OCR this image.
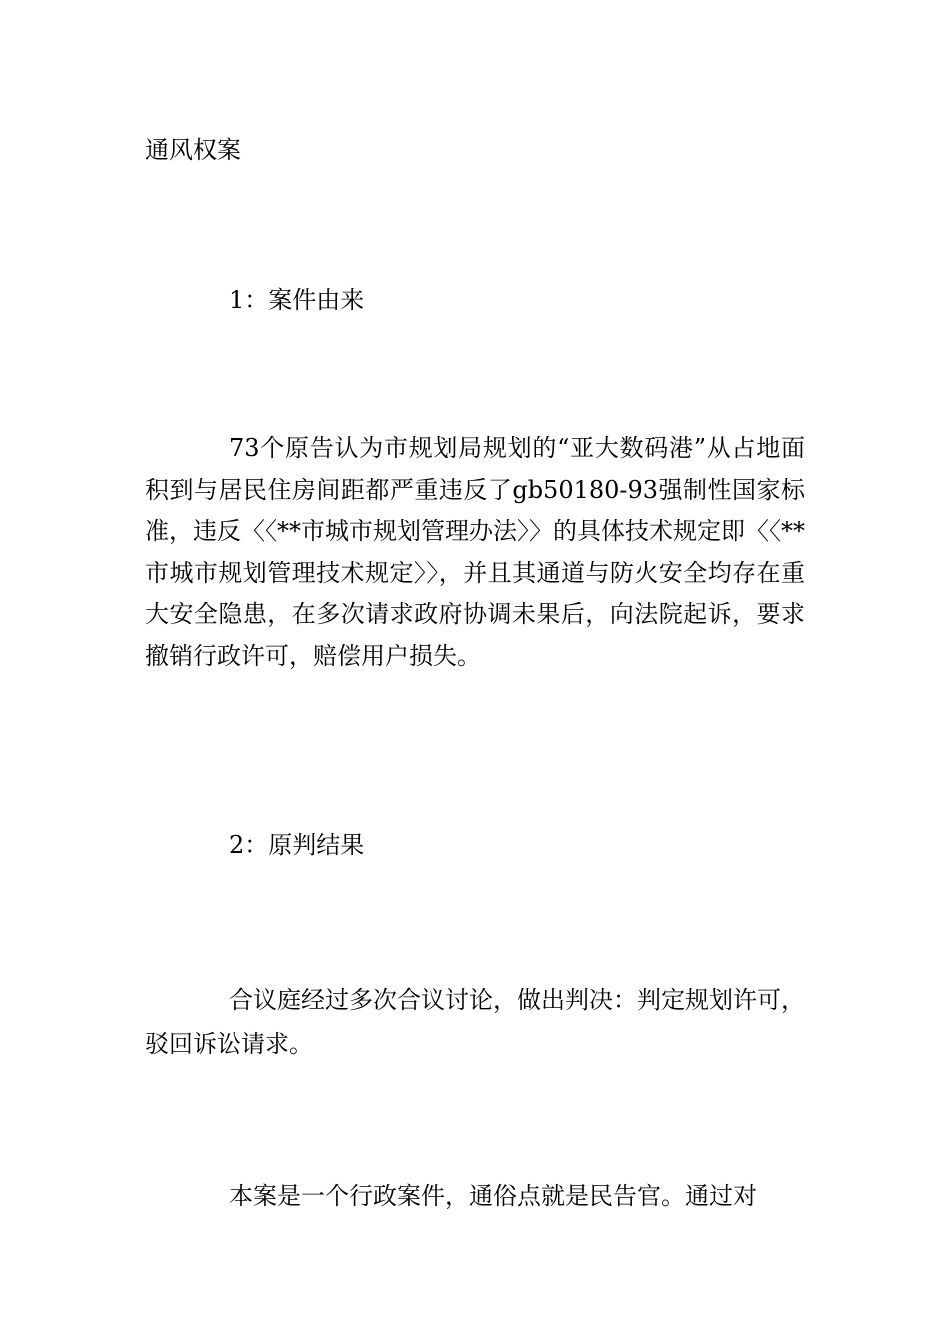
通风权案

1：案件由来

73个原告认为市规划局规划的“亚大数码港”从占地面积到与居民住房间距都严重违反了gb50180-93强制性国家标准，违反〈〈**市城市规划管理办法〉〉的具体技术规定即〈〈**市城市规划管理技术规定〉〉，并且其通道与防火安全均存在重大安全隐患，在多次请求政府协调未果后，向法院起诉，要求撤销行政许可，赔偿用户损失。

2：原判结果

合议庭经过多次合议讨论，做出判决：判定规划许可，驳回诉讼请求。

本案是一个行政案件，通俗点就是民告官。通过对
